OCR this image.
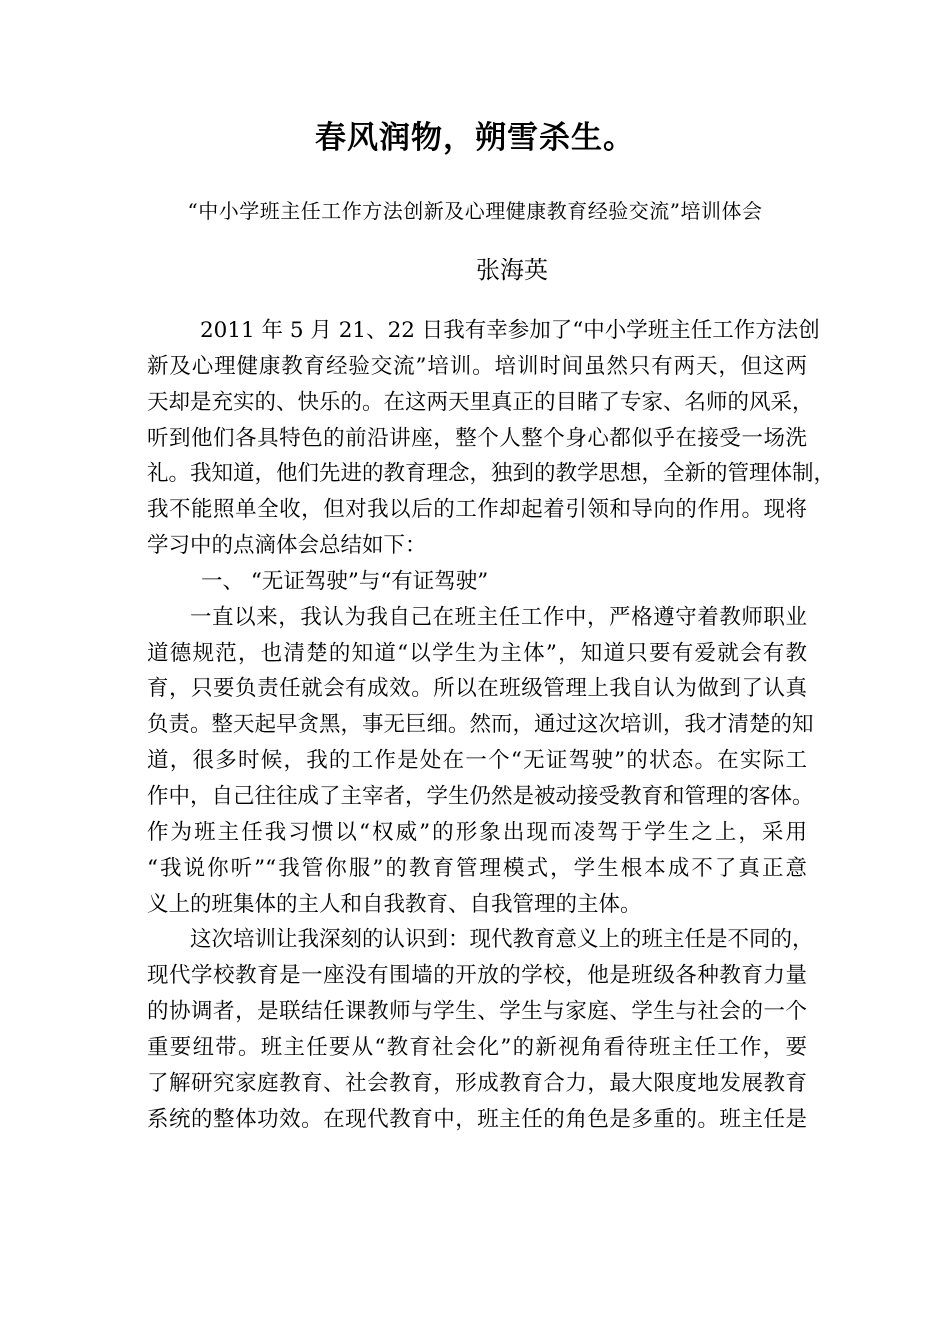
春风润物，朔雪杀生。
“中小学班主任工作方法创新及心理健康教育经验交流”培训体会
张海英
2011 年 5 月 21、22 日我有幸参加了“中小学班主任工作方法创
新及心理健康教育经验交流”培训。培训时间虽然只有两天，但这两
天却是充实的、快乐的。在这两天里真正的目睹了专家、名师的风采，
听到他们各具特色的前沿讲座，整个人整个身心都似乎在接受一场洗
礼。我知道，他们先进的教育理念，独到的教学思想，全新的管理体制，
我不能照单全收，但对我以后的工作却起着引领和导向的作用。现将
学习中的点滴体会总结如下：
一、 “无证驾驶”与“有证驾驶”
一直以来，我认为我自己在班主任工作中，严格遵守着教师职业
道德规范，也清楚的知道“以学生为主体”，知道只要有爱就会有教
育，只要负责任就会有成效。所以在班级管理上我自认为做到了认真
负责。整天起早贪黑，事无巨细。然而，通过这次培训，我才清楚的知
道，很多时候，我的工作是处在一个“无证驾驶”的状态。在实际工
作中，自己往往成了主宰者，学生仍然是被动接受教育和管理的客体。
作为班主任我习惯以“权威”的形象出现而凌驾于学生之上，采用
“我说你听”“我管你服”的教育管理模式，学生根本成不了真正意
义上的班集体的主人和自我教育、自我管理的主体。
这次培训让我深刻的认识到：现代教育意义上的班主任是不同的，
现代学校教育是一座没有围墙的开放的学校，他是班级各种教育力量
的协调者，是联结任课教师与学生、学生与家庭、学生与社会的一个
重要纽带。班主任要从“教育社会化”的新视角看待班主任工作，要
了解研究家庭教育、社会教育，形成教育合力，最大限度地发展教育
系统的整体功效。在现代教育中，班主任的角色是多重的。班主任是
